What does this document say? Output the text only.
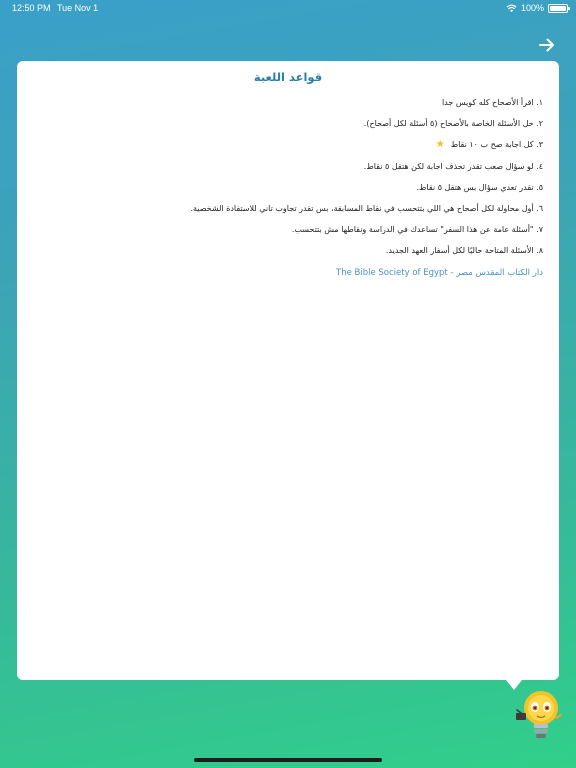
12:50 PM Tue Nov 1	100%
قواعد اللعبة
١. اقرأ الأصحاح كله كويس جدا
٢. حل الأسئلة الخاصة بالأصحاح (٥ أسئلة لكل أصحاح).
٣. كل اجابة صح ب ١٠ نقاط★
٤. لو سؤال صعب تقدر تحذف اجابة لكن هتقل ٥ نقاط.
٥. تقدر تعدي سؤال بس هتقل ٥ نقاط.
٦. أول محاولة لكل أصحاح هي اللي بتتحسب في نقاط المسابقة، بس تقدر تجاوب تاني للاستفادة الشخصية.
٧. "أسئلة عامة عن هذا السفر" تساعدك في الدراسة ونقاطها مش بتتحسب.
٨. الأسئلة المتاحة حاليًا لكل أسفار العهد الجديد.
دار الكتاب المقدس مصر - The Bible Society of Egypt
